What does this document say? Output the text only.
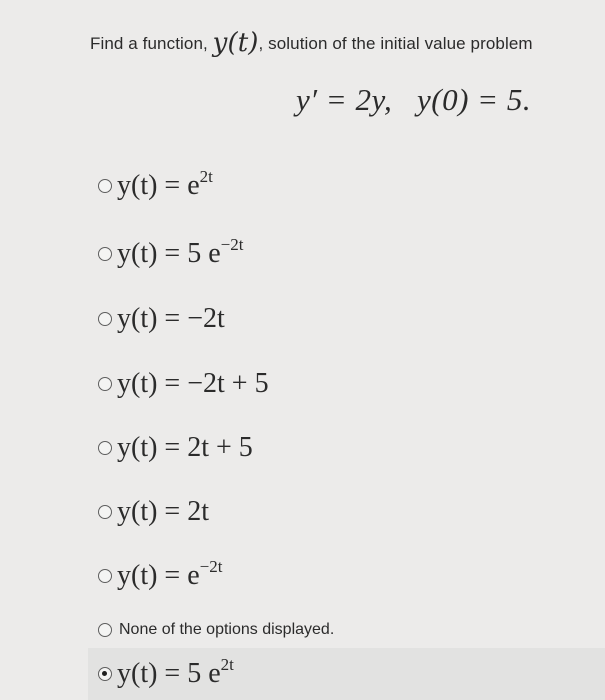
Find a function, y(t), solution of the initial value problem
y′ = 2y,   y(0) = 5.
$y(t) = e^{2t}$
y(t) = 5 $e^{-2t}$
y(t) = −2t
y(t) = −2t + 5
y(t) = 2t + 5
y(t) = 2t
$y(t) = e^{-2t}$
None of the options displayed.
y(t) = 5 $e^{2t}$
